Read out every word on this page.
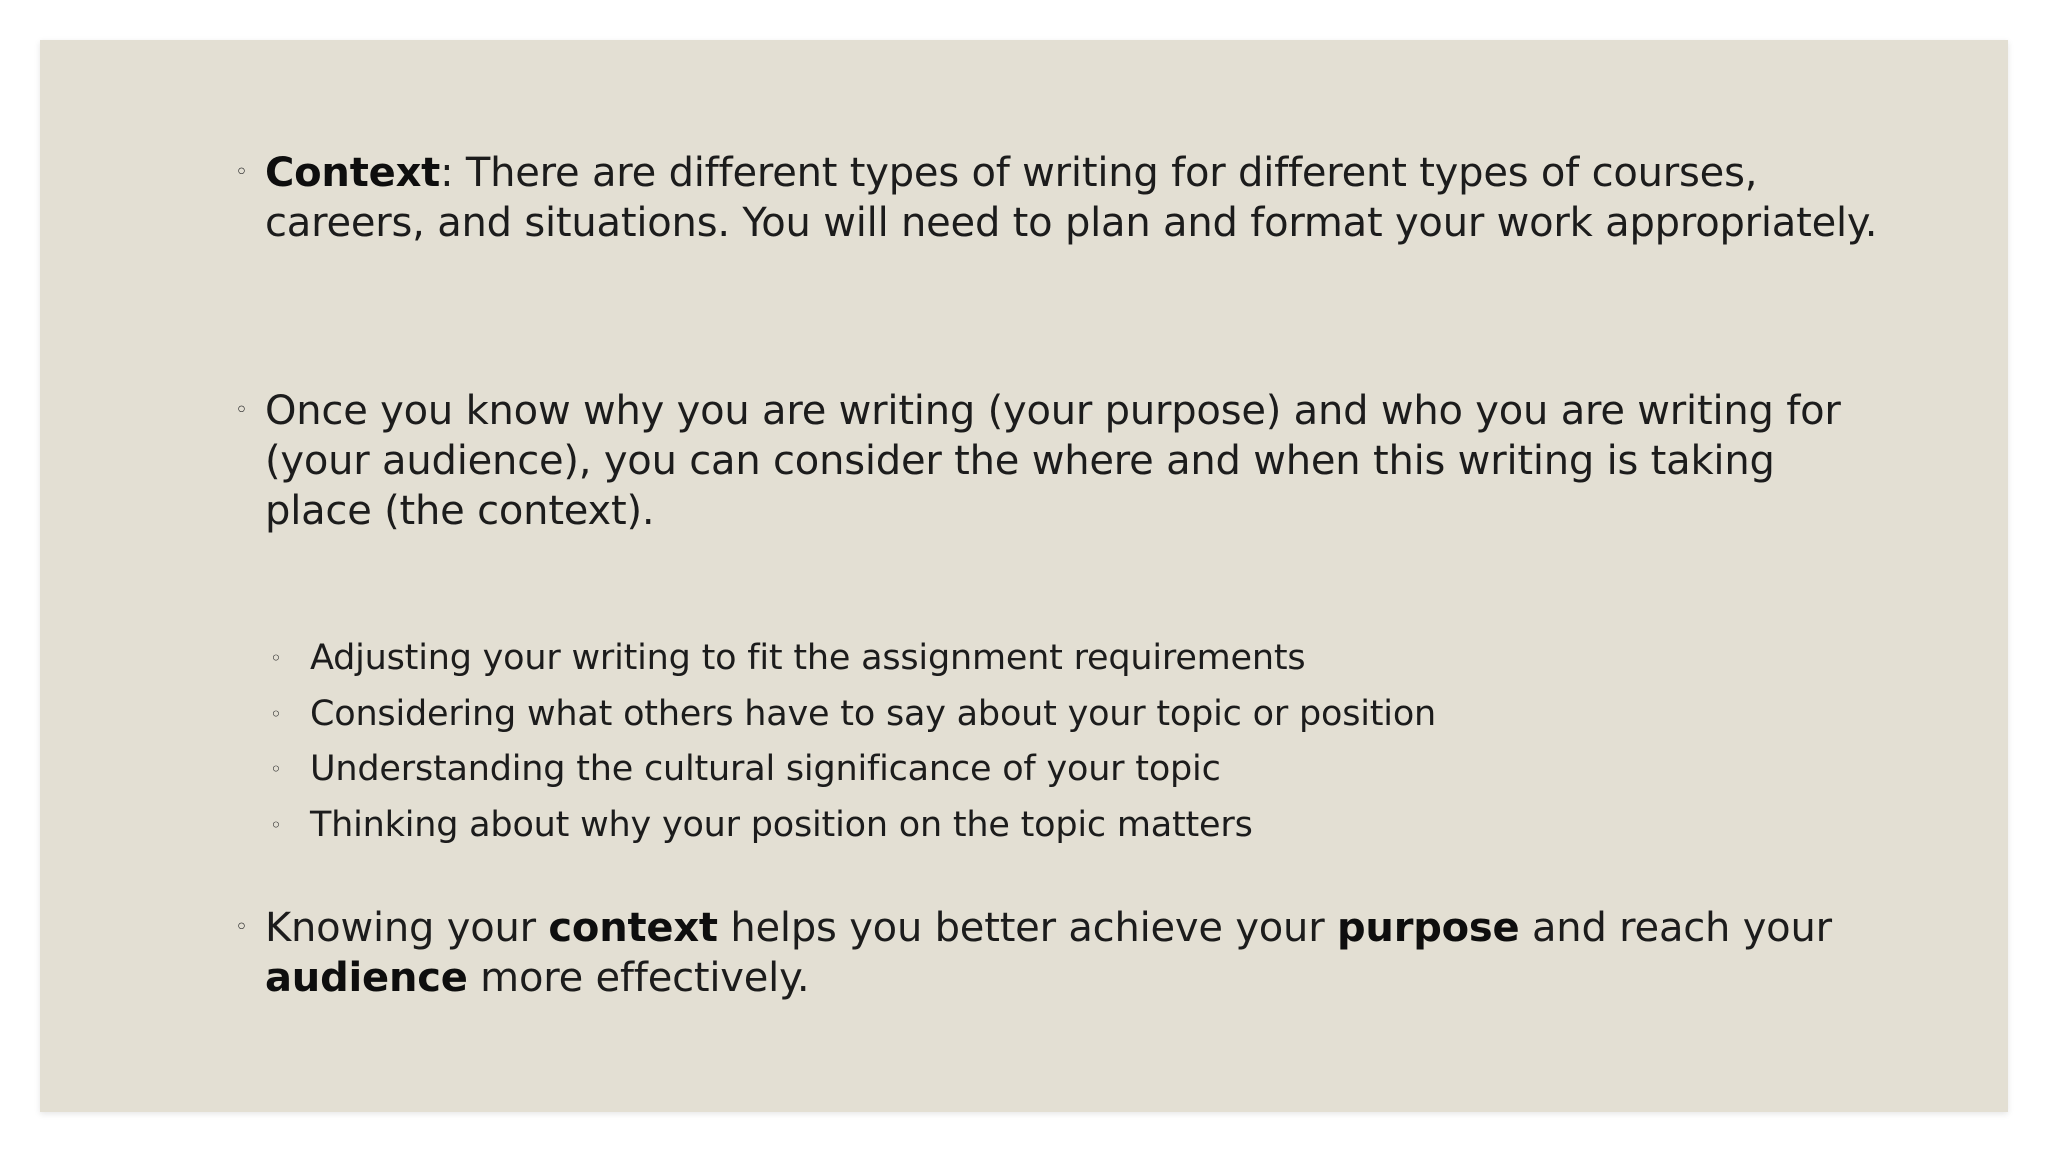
◦ Context: There are different types of writing for different types of courses, careers, and situations. You will need to plan and format your work appropriately.
◦ Once you know why you are writing (your purpose) and who you are writing for (your audience), you can consider the where and when this writing is taking place (the context).
◦ Adjusting your writing to fit the assignment requirements
◦ Considering what others have to say about your topic or position
◦ Understanding the cultural significance of your topic
◦ Thinking about why your position on the topic matters
◦ Knowing your context helps you better achieve your purpose and reach your audience more effectively.
